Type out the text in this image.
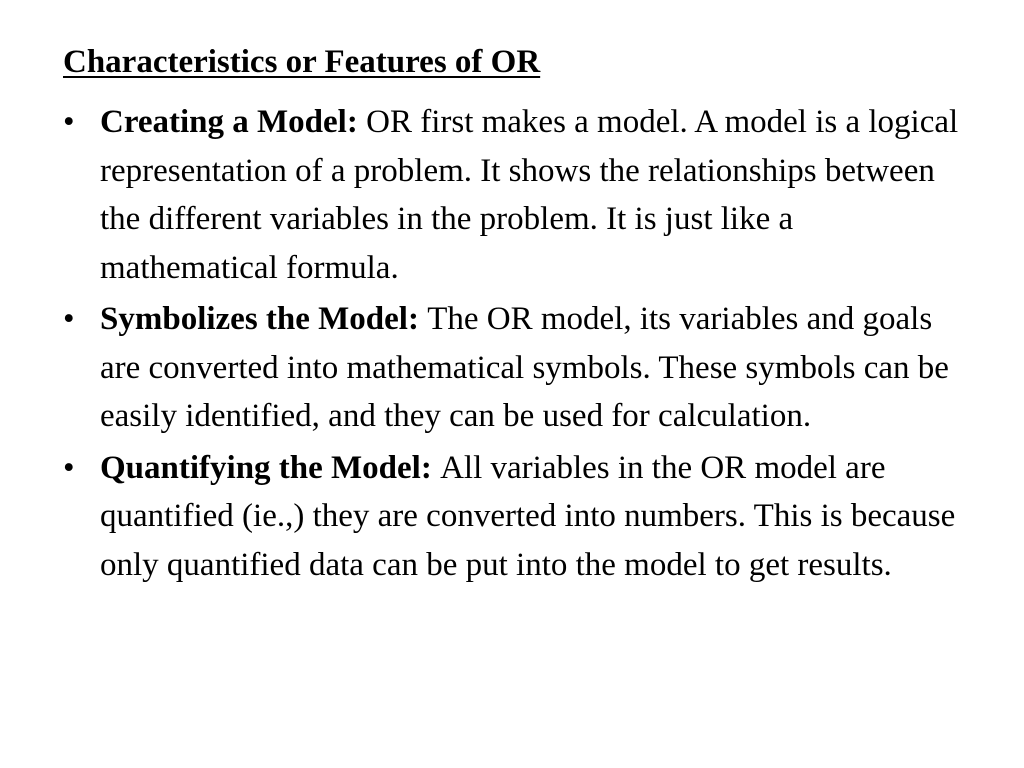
Characteristics or Features of OR
• Creating a Model: OR first makes a model. A model is a logical representation of a problem. It shows the relationships between the different variables in the problem. It is just like a mathematical formula.
• Symbolizes the Model: The OR model, its variables and goals are converted into mathematical symbols. These symbols can be easily identified, and they can be used for calculation.
• Quantifying the Model: All variables in the OR model are quantified (ie.,) they are converted into numbers. This is because only quantified data can be put into the model to get results.
